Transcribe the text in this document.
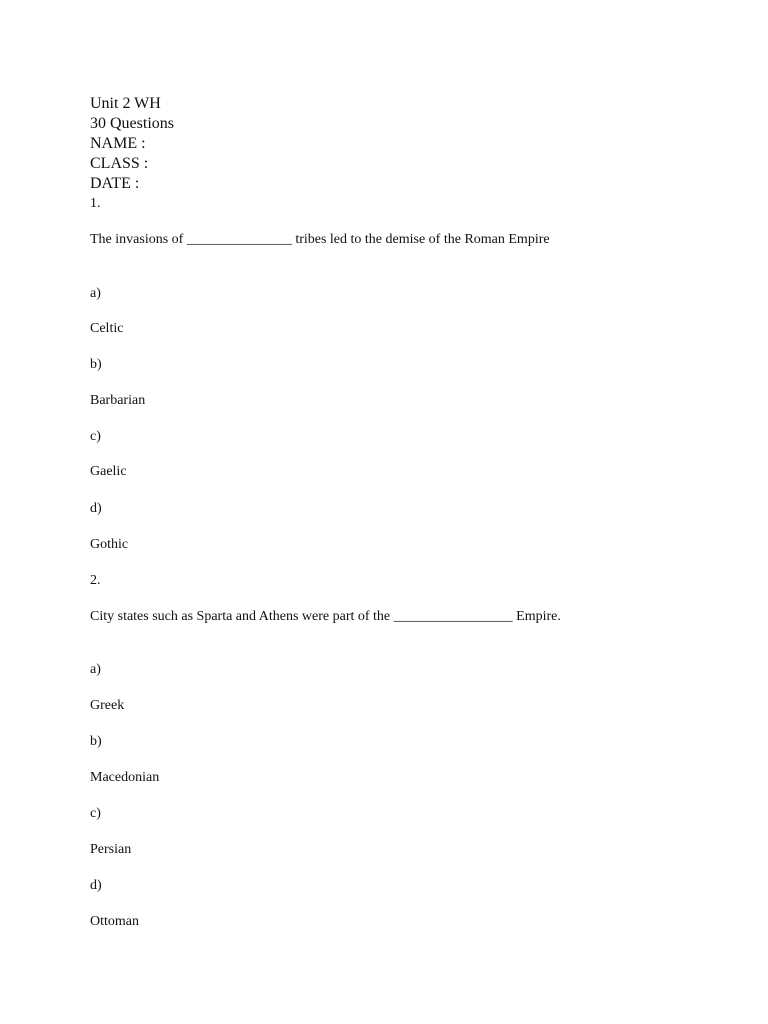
Unit 2 WH
30 Questions
NAME :
CLASS :
DATE :
1.
The invasions of _______________ tribes led to the demise of the Roman Empire
a)
Celtic
b)
Barbarian
c)
Gaelic
d)
Gothic
2.
City states such as Sparta and Athens were part of the _________________ Empire.
a)
Greek
b)
Macedonian
c)
Persian
d)
Ottoman
